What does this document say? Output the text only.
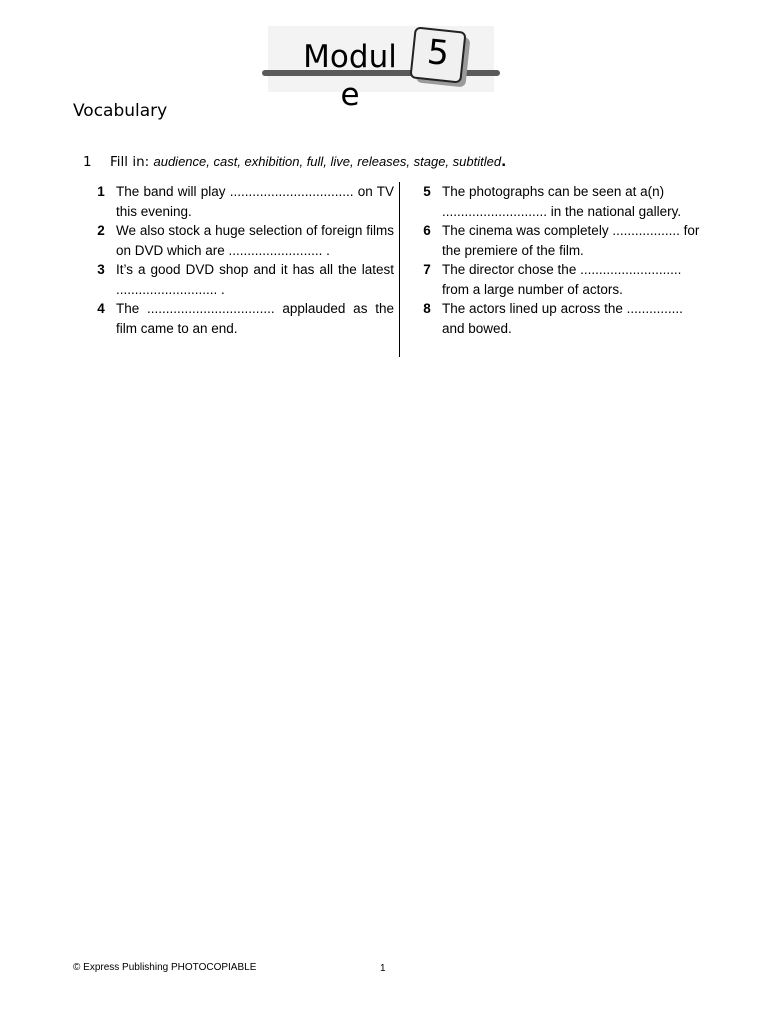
Module
5
Vocabulary
1 Fill in: audience, cast, exhibition, full, live, releases, stage, subtitled.
1 The band will play ................................. on TV this evening.
2 We also stock a huge selection of foreign films on DVD which are ......................... .
3 It’s a good DVD shop and it has all the latest ........................... .
4 The .................................. applauded as the film came to an end.
5 The photographs can be seen at a(n) ............................ in the national gallery.
6 The cinema was completely .................. for the premiere of the film.
7 The director chose the ........................... from a large number of actors.
8 The actors lined up across the ............... and bowed.
© Express Publishing PHOTOCOPIABLE	1
